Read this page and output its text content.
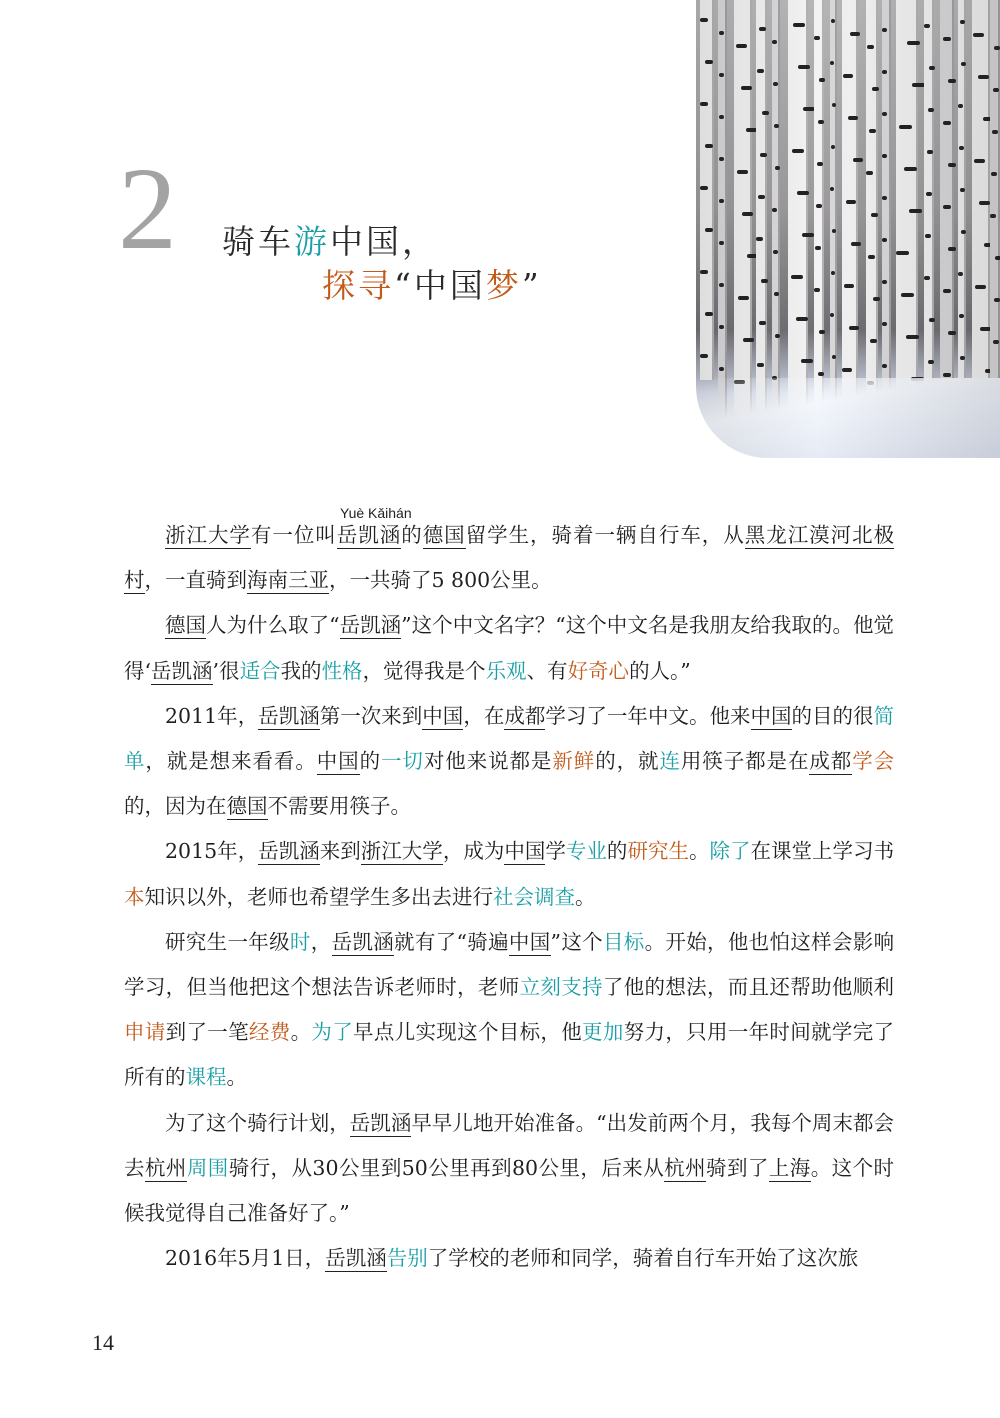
2 骑车游中国，
探寻“中国梦”
Yuè Kǎihán

浙江大学有一位叫岳凯涵的德国留学生，骑着一辆自行车，从黑龙江漠河北极村，一直骑到海南三亚，一共骑了5 800公里。

德国人为什么取了“岳凯涵”这个中文名字？“这个中文名是我朋友给我取的。他觉得‘岳凯涵’很适合我的性格，觉得我是个乐观、有好奇心的人。”

2011年，岳凯涵第一次来到中国，在成都学习了一年中文。他来中国的目的很简单，就是想来看看。中国的一切对他来说都是新鲜的，就连用筷子都是在成都学会的，因为在德国不需要用筷子。

2015年，岳凯涵来到浙江大学，成为中国学专业的研究生。除了在课堂上学习书本知识以外，老师也希望学生多出去进行社会调查。

研究生一年级时，岳凯涵就有了“骑遍中国”这个目标。开始，他也怕这样会影响学习，但当他把这个想法告诉老师时，老师立刻支持了他的想法，而且还帮助他顺利申请到了一笔经费。为了早点儿实现这个目标，他更加努力，只用一年时间就学完了所有的课程。

为了这个骑行计划，岳凯涵早早儿地开始准备。“出发前两个月，我每个周末都会去杭州周围骑行，从30公里到50公里再到80公里，后来从杭州骑到了上海。这个时候我觉得自己准备好了。”

2016年5月1日，岳凯涵告别了学校的老师和同学，骑着自行车开始了这次旅

14
